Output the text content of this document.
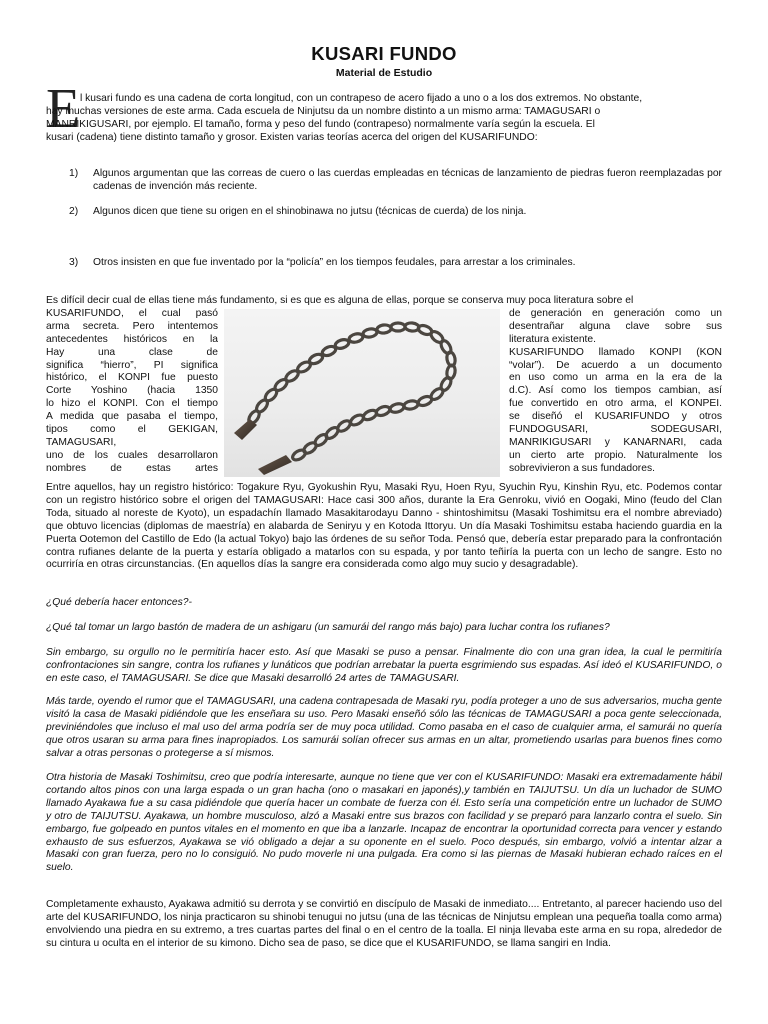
KUSARI FUNDO
Material de Estudio
E l kusari fundo es una cadena de corta longitud, con un contrapeso de acero fijado a uno o a los dos extremos. No obstante,
hay muchas versiones de este arma. Cada escuela de Ninjutsu da un nombre distinto a un mismo arma: TAMAGUSARI o
MANRIKIGUSARI, por ejemplo. El tamaño, forma y peso del fundo (contrapeso) normalmente varía según la escuela. El
kusari (cadena) tiene distinto tamaño y grosor. Existen varias teorías acerca del origen del KUSARIFUNDO:
1) Algunos argumentan que las correas de cuero o las cuerdas empleadas en técnicas de lanzamiento de piedras fueron reemplazadas por cadenas de invención más reciente.
2) Algunos dicen que tiene su origen en el shinobinawa no jutsu (técnicas de cuerda) de los ninja.
3) Otros insisten en que fue inventado por la “policía” en los tiempos feudales, para arrestar a los criminales.
Es difícil decir cual de ellas tiene más fundamento, si es que es alguna de ellas, porque se conserva muy poca literatura sobre el
KUSARIFUNDO, el cual pasó
arma secreta. Pero intentemos
antecedentes históricos en la
Hay una clase de
significa “hierro”, PI significa
histórico, el KONPI fue puesto
Corte Yoshino (hacia 1350
lo hizo el KONPI. Con el tiempo
A medida que pasaba el tiempo,
tipos como el GEKIGAN,
TAMAGUSARI,
uno de los cuales desarrollaron
nombres de estas artes
de generación en generación como un
desentrañar alguna clave sobre sus
literatura existente.
KUSARIFUNDO llamado KONPI (KON
“volar”). De acuerdo a un documento
en uso como un arma en la era de la
d.C). Así como los tiempos cambian, así
fue convertido en otro arma, el KONPEI.
se diseñó el KUSARIFUNDO y otros
FUNDOGUSARI, SODEGUSARI,
MANRIKIGUSARI y KANARNARI, cada
un cierto arte propio. Naturalmente los
sobrevivieron a sus fundadores.
Entre aquellos, hay un registro histórico: Togakure Ryu, Gyokushin Ryu, Masaki Ryu, Hoen Ryu, Syuchin Ryu, Kinshin Ryu, etc. Podemos contar con un registro histórico sobre el origen del TAMAGUSARI: Hace casi 300 años, durante la Era Genroku, vivió en Oogaki, Mino (feudo del Clan Toda, situado al noreste de Kyoto), un espadachín llamado Masakitarodayu Danno - shintoshimitsu (Masaki Toshimitsu era el nombre abreviado) que obtuvo licencias (diplomas de maestría) en alabarda de Seniryu y en Kotoda Ittoryu. Un día Masaki Toshimitsu estaba haciendo guardia en la Puerta Ootemon del Castillo de Edo (la actual Tokyo) bajo las órdenes de su señor Toda. Pensó que, debería estar preparado para la confrontación contra rufianes delante de la puerta y estaría obligado a matarlos con su espada, y por tanto teñiría la puerta con un lecho de sangre. Esto no ocurriría en otras circunstancias. (En aquellos días la sangre era considerada como algo muy sucio y desagradable).
¿Qué debería hacer entonces?-
¿Qué tal tomar un largo bastón de madera de un ashigaru (un samurái del rango más bajo) para luchar contra los rufianes?
Sin embargo, su orgullo no le permitiría hacer esto. Así que Masaki se puso a pensar. Finalmente dio con una gran idea, la cual le permitiría confrontaciones sin sangre, contra los rufianes y lunáticos que podrían arrebatar la puerta esgrimiendo sus espadas. Así ideó el KUSARIFUNDO, o en este caso, el TAMAGUSARI. Se dice que Masaki desarrolló 24 artes de TAMAGUSARI.
Más tarde, oyendo el rumor que el TAMAGUSARI, una cadena contrapesada de Masaki ryu, podía proteger a uno de sus adversarios, mucha gente visitó la casa de Masaki pidiéndole que les enseñara su uso. Pero Masaki enseñó sólo las técnicas de TAMAGUSARI a poca gente seleccionada, previniéndoles que incluso el mal uso del arma podría ser de muy poca utilidad. Como pasaba en el caso de cualquier arma, el samurái no quería que otros usaran su arma para fines inapropiados. Los samurái solían ofrecer sus armas en un altar, prometiendo usarlas para buenos fines como salvar a otras personas o protegerse a sí mismos.
Otra historia de Masaki Toshimitsu, creo que podría interesarte, aunque no tiene que ver con el KUSARIFUNDO: Masaki era extremadamente hábil cortando altos pinos con una larga espada o un gran hacha (ono o masakari en japonés),y también en TAIJUTSU. Un día un luchador de SUMO llamado Ayakawa fue a su casa pidiéndole que quería hacer un combate de fuerza con él. Esto sería una competición entre un luchador de SUMO y otro de TAIJUTSU. Ayakawa, un hombre musculoso, alzó a Masaki entre sus brazos con facilidad y se preparó para lanzarlo contra el suelo. Sin embargo, fue golpeado en puntos vitales en el momento en que iba a lanzarle. Incapaz de encontrar la oportunidad correcta para vencer y estando exhausto de sus esfuerzos, Ayakawa se vió obligado a dejar a su oponente en el suelo. Poco después, sin embargo, volvió a intentar alzar a Masaki con gran fuerza, pero no lo consiguió. No pudo moverle ni una pulgada. Era como si las piernas de Masaki hubieran echado raíces en el suelo.
Completamente exhausto, Ayakawa admitió su derrota y se convirtió en discípulo de Masaki de inmediato.... Entretanto, al parecer haciendo uso del arte del KUSARIFUNDO, los ninja practicaron su shinobi tenugui no jutsu (una de las técnicas de Ninjutsu emplean una pequeña toalla como arma) envolviendo una piedra en su extremo, a tres cuartas partes del final o en el centro de la toalla. El ninja llevaba este arma en su ropa, alrededor de su cintura u oculta en el interior de su kimono. Dicho sea de paso, se dice que el KUSARIFUNDO, se llama sangiri en India.
